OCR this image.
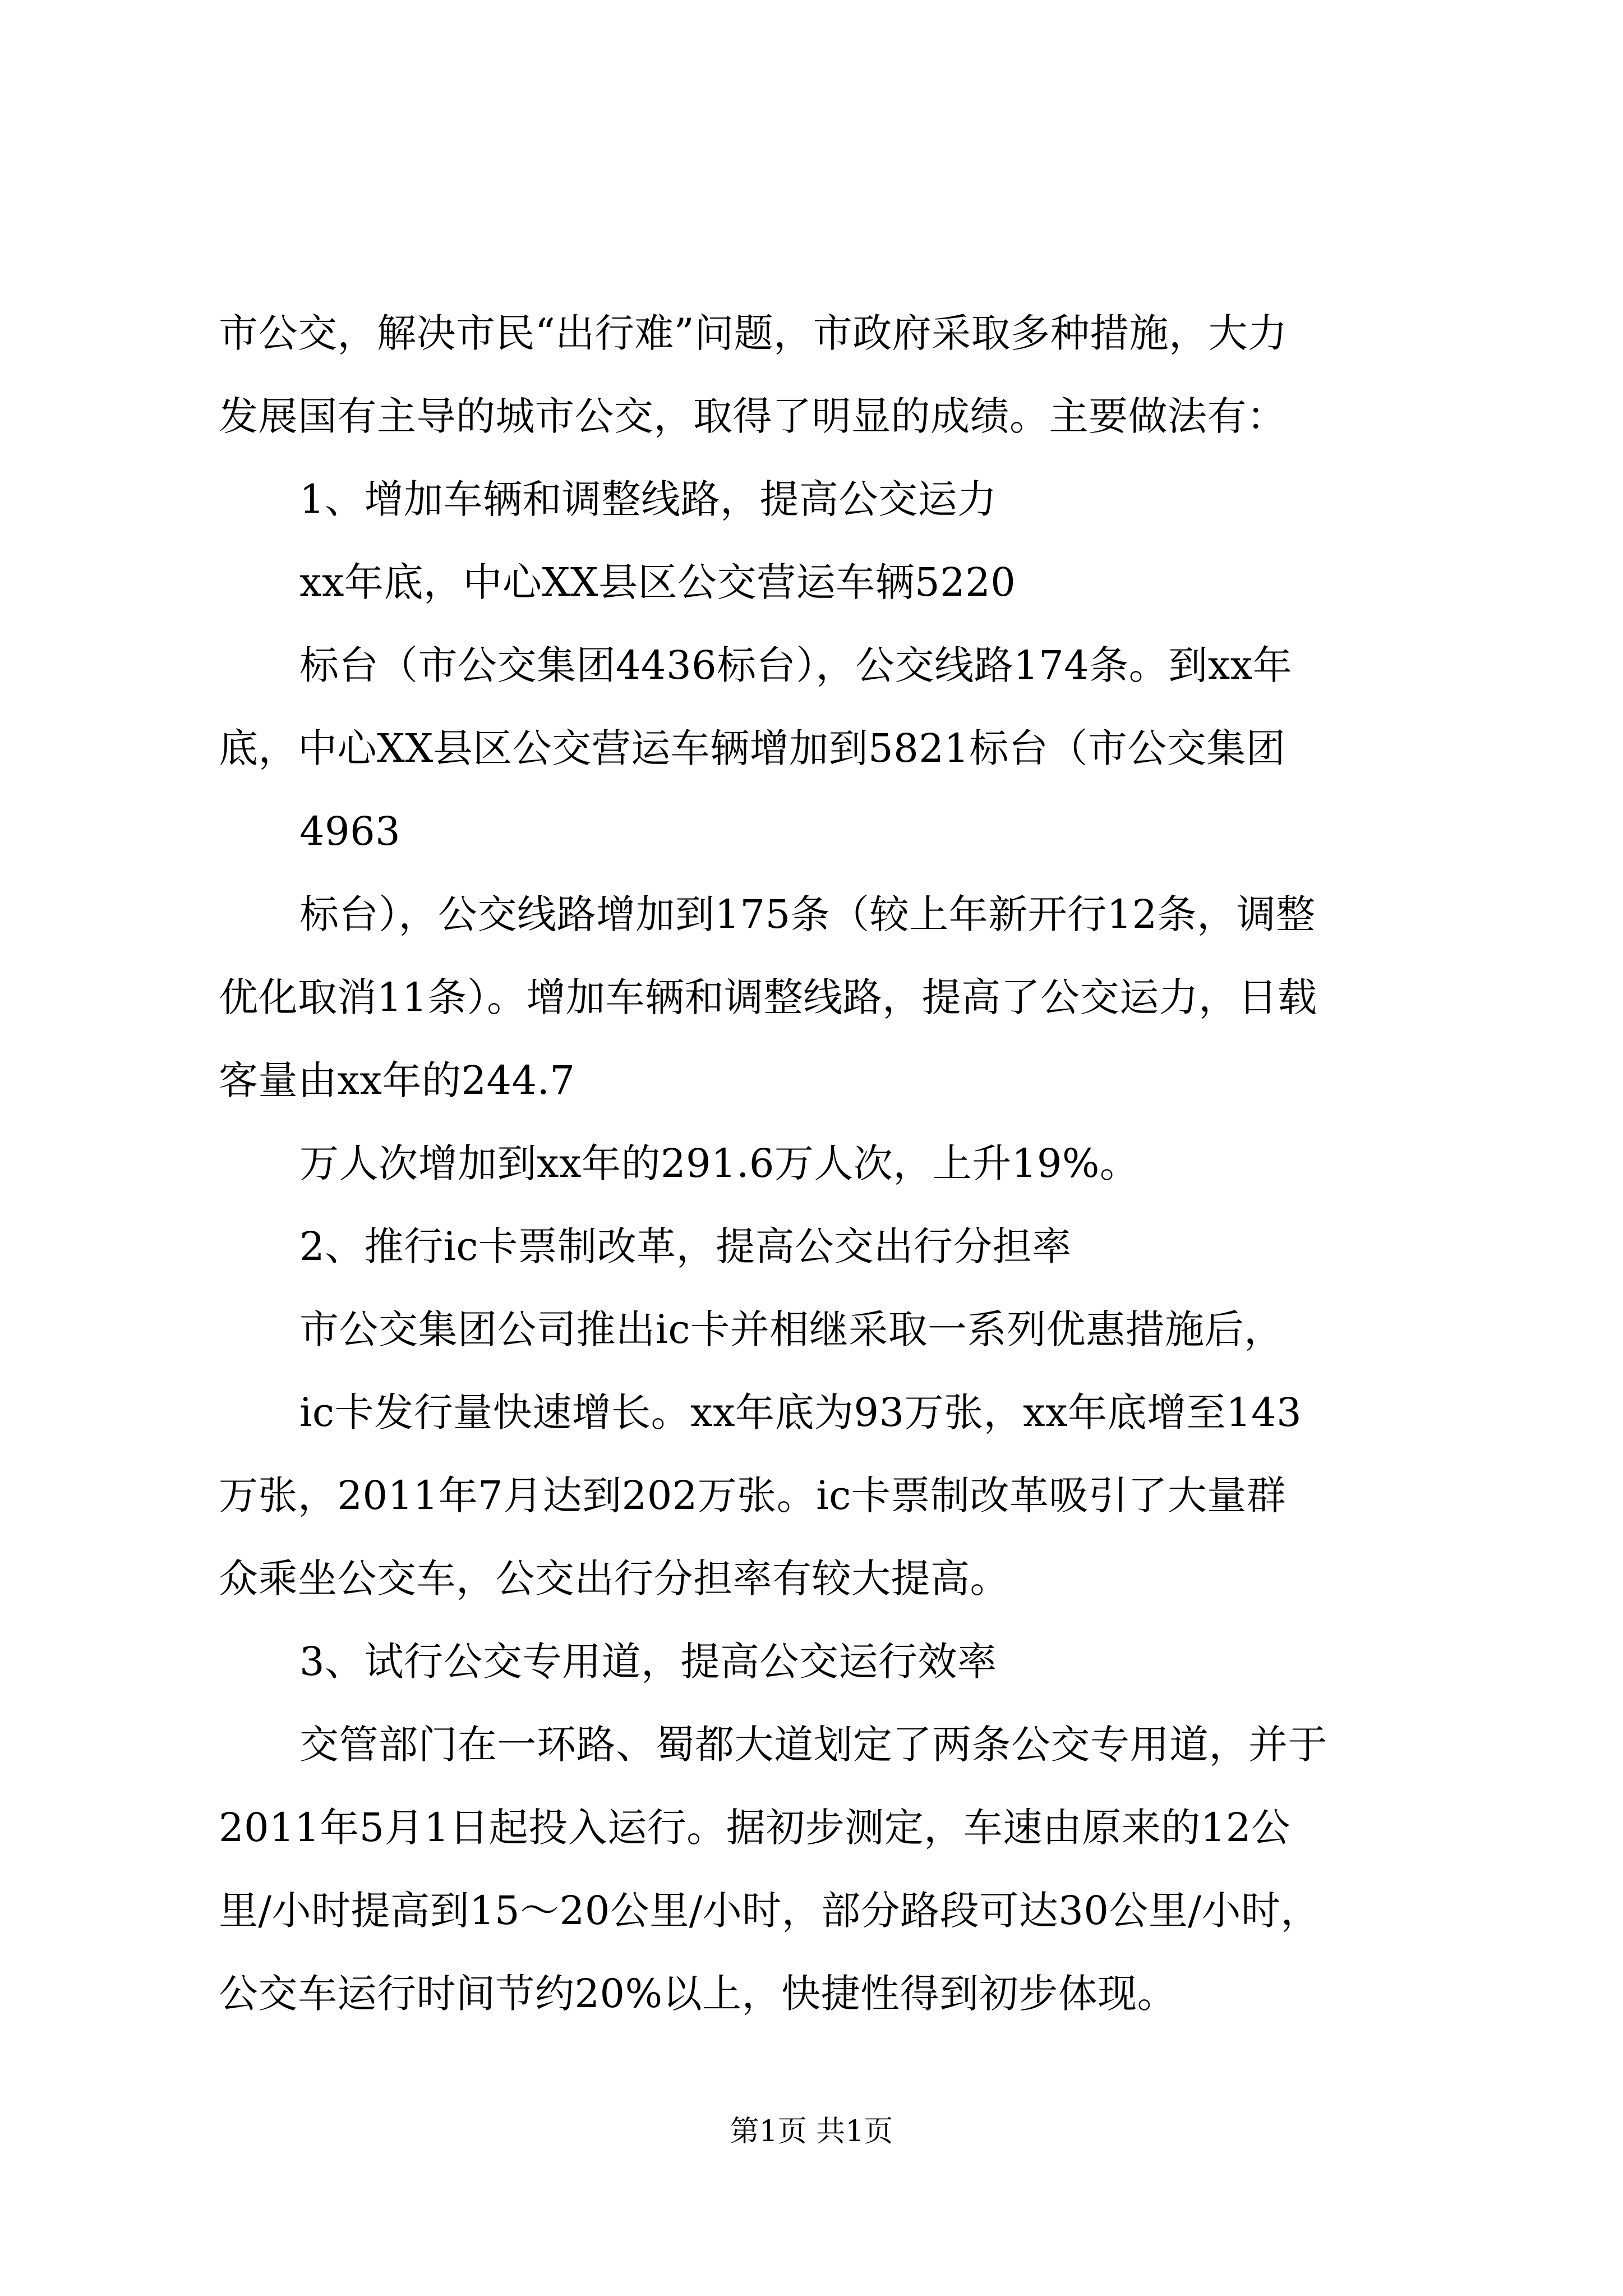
市公交，解决市民“出行难”问题，市政府采取多种措施，大力
发展国有主导的城市公交，取得了明显的成绩。主要做法有：
1、增加车辆和调整线路，提高公交运力
xx年底，中心XX县区公交营运车辆5220
标台（市公交集团4436标台），公交线路174条。到xx年
底，中心XX县区公交营运车辆增加到5821标台（市公交集团
4963
标台），公交线路增加到175条（较上年新开行12条，调整
优化取消11条）。增加车辆和调整线路，提高了公交运力，日载
客量由xx年的244.7
万人次增加到xx年的291.6万人次，上升19%。
2、推行ic卡票制改革，提高公交出行分担率
市公交集团公司推出ic卡并相继采取一系列优惠措施后，
ic卡发行量快速增长。xx年底为93万张，xx年底增至143
万张，2011年7月达到202万张。ic卡票制改革吸引了大量群
众乘坐公交车，公交出行分担率有较大提高。
3、试行公交专用道，提高公交运行效率
交管部门在一环路、蜀都大道划定了两条公交专用道，并于
2011年5月1日起投入运行。据初步测定，车速由原来的12公
里/小时提高到15～20公里/小时，部分路段可达30公里/小时，
公交车运行时间节约20%以上，快捷性得到初步体现。
第1页 共1页
